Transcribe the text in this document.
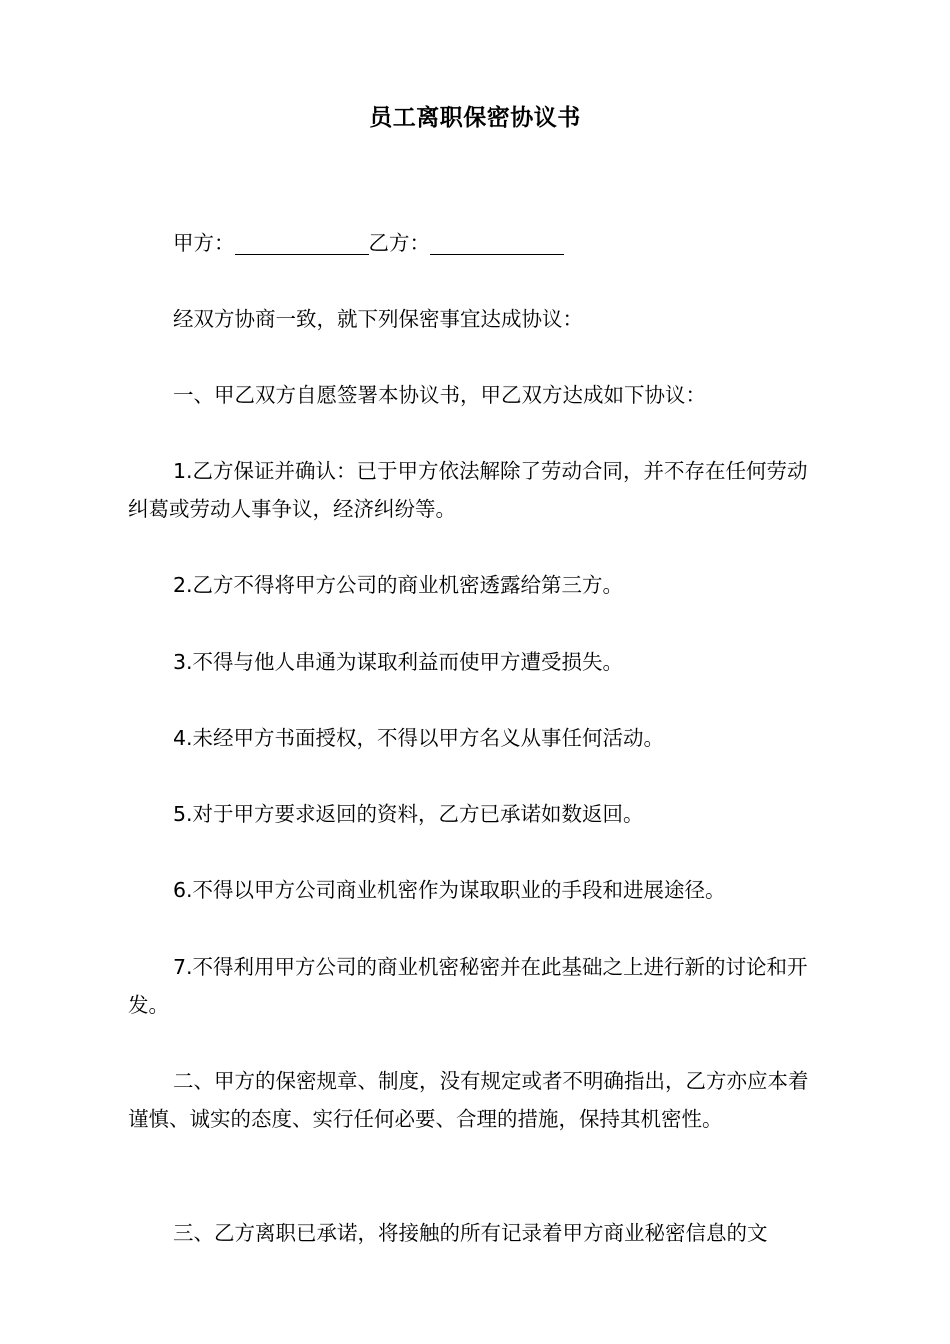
员工离职保密协议书
甲方：	乙方：
经双方协商一致，就下列保密事宜达成协议：
一、甲乙双方自愿签署本协议书，甲乙双方达成如下协议：
1.乙方保证并确认：已于甲方依法解除了劳动合同，并不存在任何劳动纠葛或劳动人事争议，经济纠纷等。
2.乙方不得将甲方公司的商业机密透露给第三方。
3.不得与他人串通为谋取利益而使甲方遭受损失。
4.未经甲方书面授权，不得以甲方名义从事任何活动。
5.对于甲方要求返回的资料，乙方已承诺如数返回。
6.不得以甲方公司商业机密作为谋取职业的手段和进展途径。
7.不得利用甲方公司的商业机密秘密并在此基础之上进行新的讨论和开发。
二、甲方的保密规章、制度，没有规定或者不明确指出，乙方亦应本着谨慎、诚实的态度、实行任何必要、合理的措施，保持其机密性。
三、乙方离职已承诺，将接触的所有记录着甲方商业秘密信息的文
